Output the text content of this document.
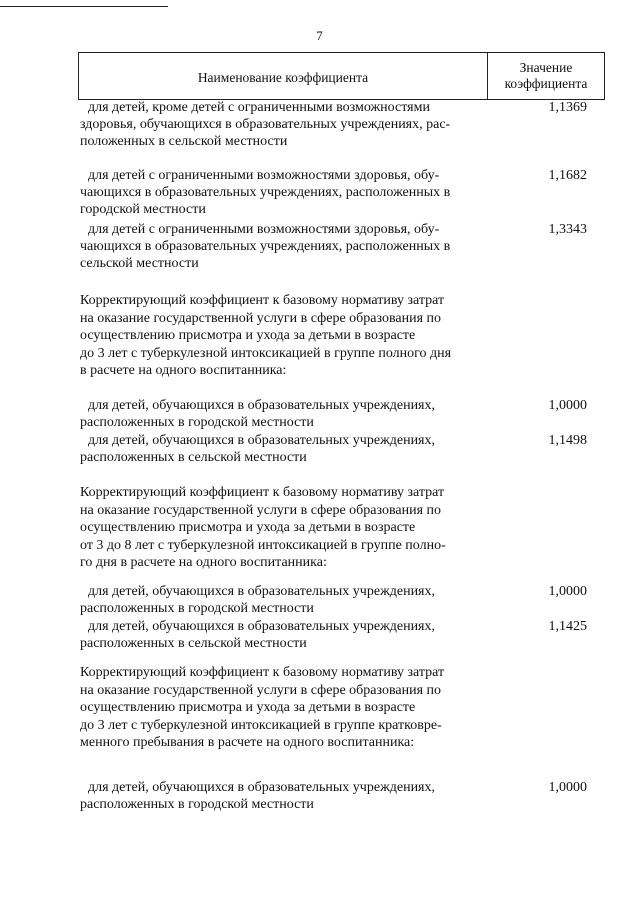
7
Наименование коэффициента
Значение
коэффициента
для детей, кроме детей с ограниченными возможностями
здоровья, обучающихся в образовательных учреждениях, рас-
положенных в сельской местности
1,1369
для детей с ограниченными возможностями здоровья, обу-
чающихся в образовательных учреждениях, расположенных в
городской местности
1,1682
для детей с ограниченными возможностями здоровья, обу-
чающихся в образовательных учреждениях, расположенных в
сельской местности
1,3343
Корректирующий коэффициент к базовому нормативу затрат
на оказание государственной услуги в сфере образования по
осуществлению присмотра и ухода за детьми в возрасте
до 3 лет с туберкулезной интоксикацией в группе полного дня
в расчете на одного воспитанника:
для детей, обучающихся в образовательных учреждениях,
расположенных в городской местности
1,0000
для детей, обучающихся в образовательных учреждениях,
расположенных в сельской местности
1,1498
Корректирующий коэффициент к базовому нормативу затрат
на оказание государственной услуги в сфере образования по
осуществлению присмотра и ухода за детьми в возрасте
от 3 до 8 лет с туберкулезной интоксикацией в группе полно-
го дня в расчете на одного воспитанника:
для детей, обучающихся в образовательных учреждениях,
расположенных в городской местности
1,0000
для детей, обучающихся в образовательных учреждениях,
расположенных в сельской местности
1,1425
Корректирующий коэффициент к базовому нормативу затрат
на оказание государственной услуги в сфере образования по
осуществлению присмотра и ухода за детьми в возрасте
до 3 лет с туберкулезной интоксикацией в группе кратковре-
менного пребывания в расчете на одного воспитанника:
для детей, обучающихся в образовательных учреждениях,
расположенных в городской местности
1,0000
